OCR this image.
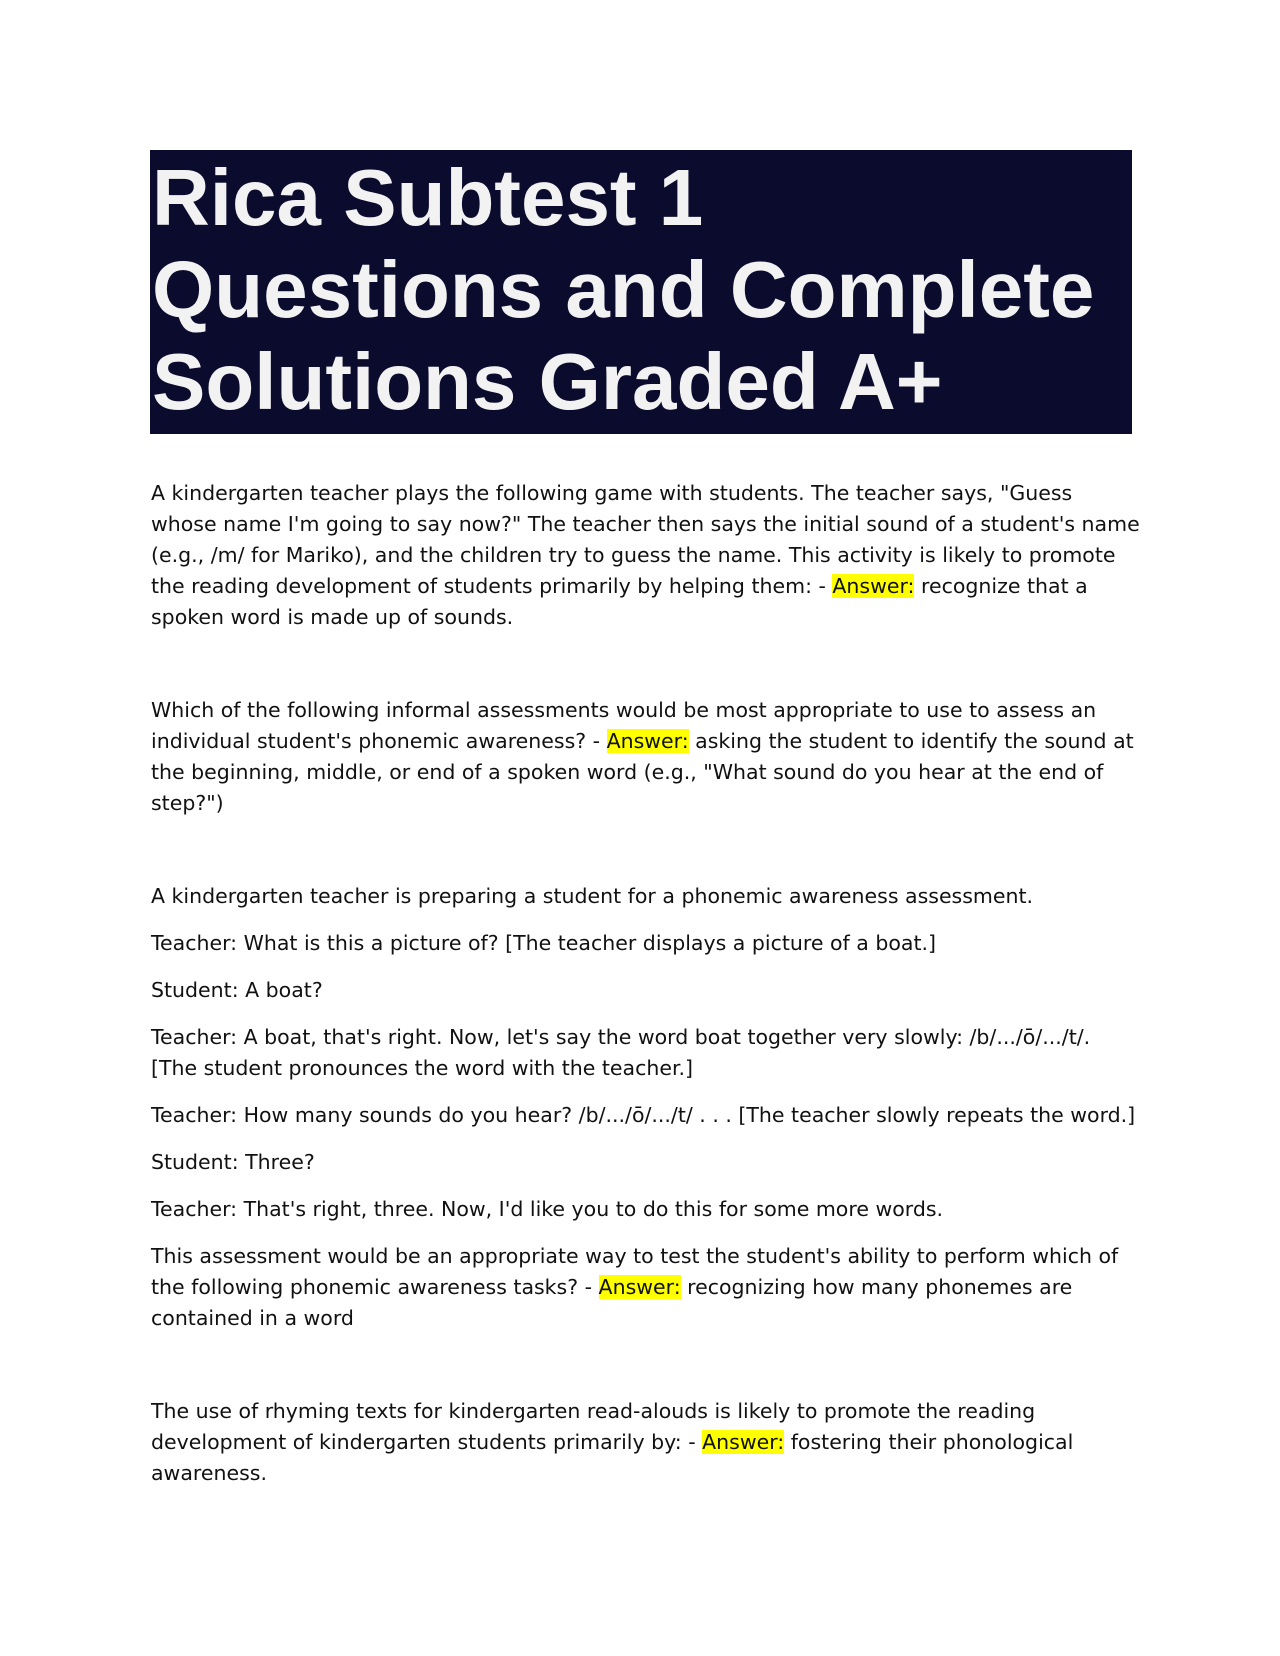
Rica Subtest 1
Questions and Complete
Solutions Graded A+

A kindergarten teacher plays the following game with students. The teacher says, "Guess whose name I'm going to say now?" The teacher then says the initial sound of a student's name (e.g., /m/ for Mariko), and the children try to guess the name. This activity is likely to promote the reading development of students primarily by helping them: - Answer: recognize that a spoken word is made up of sounds.

Which of the following informal assessments would be most appropriate to use to assess an individual student's phonemic awareness? - Answer: asking the student to identify the sound at the beginning, middle, or end of a spoken word (e.g., "What sound do you hear at the end of step?")

A kindergarten teacher is preparing a student for a phonemic awareness assessment.

Teacher: What is this a picture of? [The teacher displays a picture of a boat.]

Student: A boat?

Teacher: A boat, that's right. Now, let's say the word boat together very slowly: /b/.../ō/.../t/. [The student pronounces the word with the teacher.]

Teacher: How many sounds do you hear? /b/.../ō/.../t/ . . . [The teacher slowly repeats the word.]

Student: Three?

Teacher: That's right, three. Now, I'd like you to do this for some more words.

This assessment would be an appropriate way to test the student's ability to perform which of the following phonemic awareness tasks? - Answer: recognizing how many phonemes are contained in a word

The use of rhyming texts for kindergarten read-alouds is likely to promote the reading development of kindergarten students primarily by: - Answer: fostering their phonological awareness.
